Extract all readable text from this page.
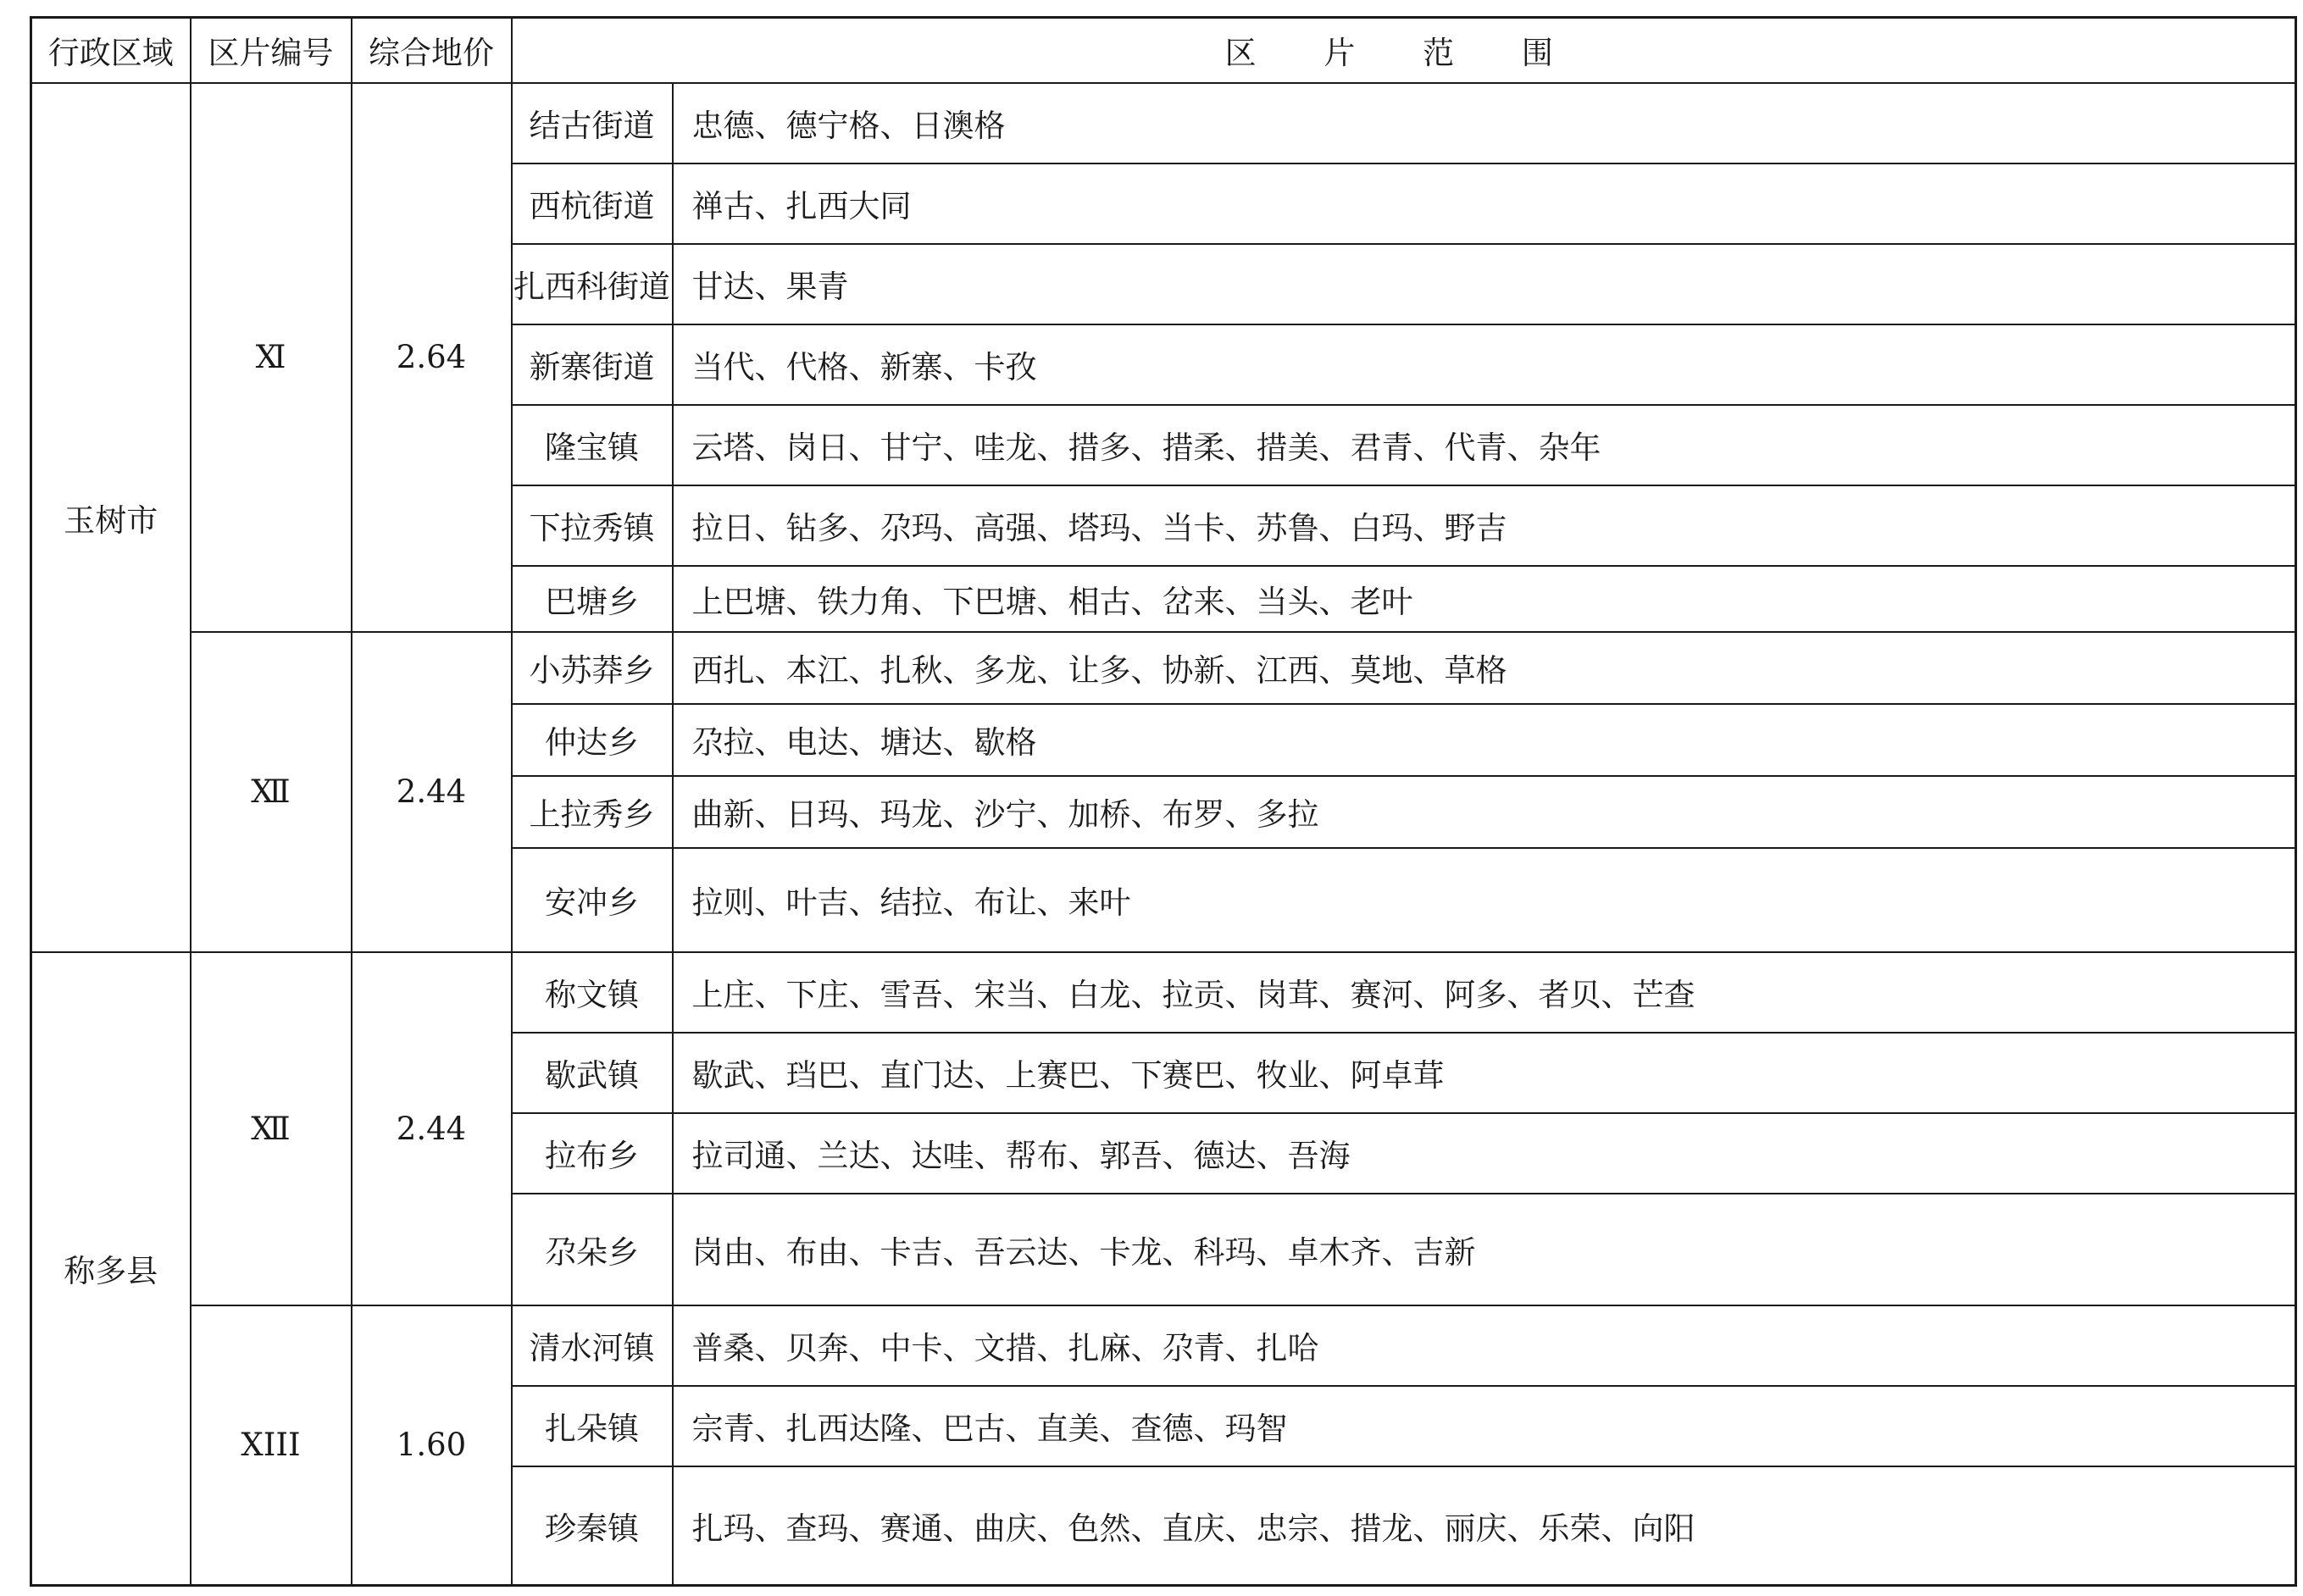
行政区域	区片编号	综合地价	区 片 范 围	
玉树市	Ⅺ	2.64	结古街道	忠德、德宁格、日澳格
			西杭街道	禅古、扎西大同
			扎西科街道	甘达、果青
			新寨街道	当代、代格、新寨、卡孜
			隆宝镇	云塔、岗日、甘宁、哇龙、措多、措柔、措美、君青、代青、杂年
			下拉秀镇	拉日、钻多、尕玛、高强、塔玛、当卡、苏鲁、白玛、野吉
			巴塘乡	上巴塘、铁力角、下巴塘、相古、岔来、当头、老叶
	Ⅻ	2.44	小苏莽乡	西扎、本江、扎秋、多龙、让多、协新、江西、莫地、草格
			仲达乡	尕拉、电达、塘达、歇格
			上拉秀乡	曲新、日玛、玛龙、沙宁、加桥、布罗、多拉
			安冲乡	拉则、叶吉、结拉、布让、来叶
称多县	Ⅻ	2.44	称文镇	上庄、下庄、雪吾、宋当、白龙、拉贡、岗茸、赛河、阿多、者贝、芒查
			歇武镇	歇武、珰巴、直门达、上赛巴、下赛巴、牧业、阿卓茸
			拉布乡	拉司通、兰达、达哇、帮布、郭吾、德达、吾海
			尕朵乡	岗由、布由、卡吉、吾云达、卡龙、科玛、卓木齐、吉新
	XIII	1.60	清水河镇	普桑、贝奔、中卡、文措、扎麻、尕青、扎哈
			扎朵镇	宗青、扎西达隆、巴古、直美、查德、玛智
			珍秦镇	扎玛、查玛、赛通、曲庆、色然、直庆、忠宗、措龙、丽庆、乐荣、向阳
